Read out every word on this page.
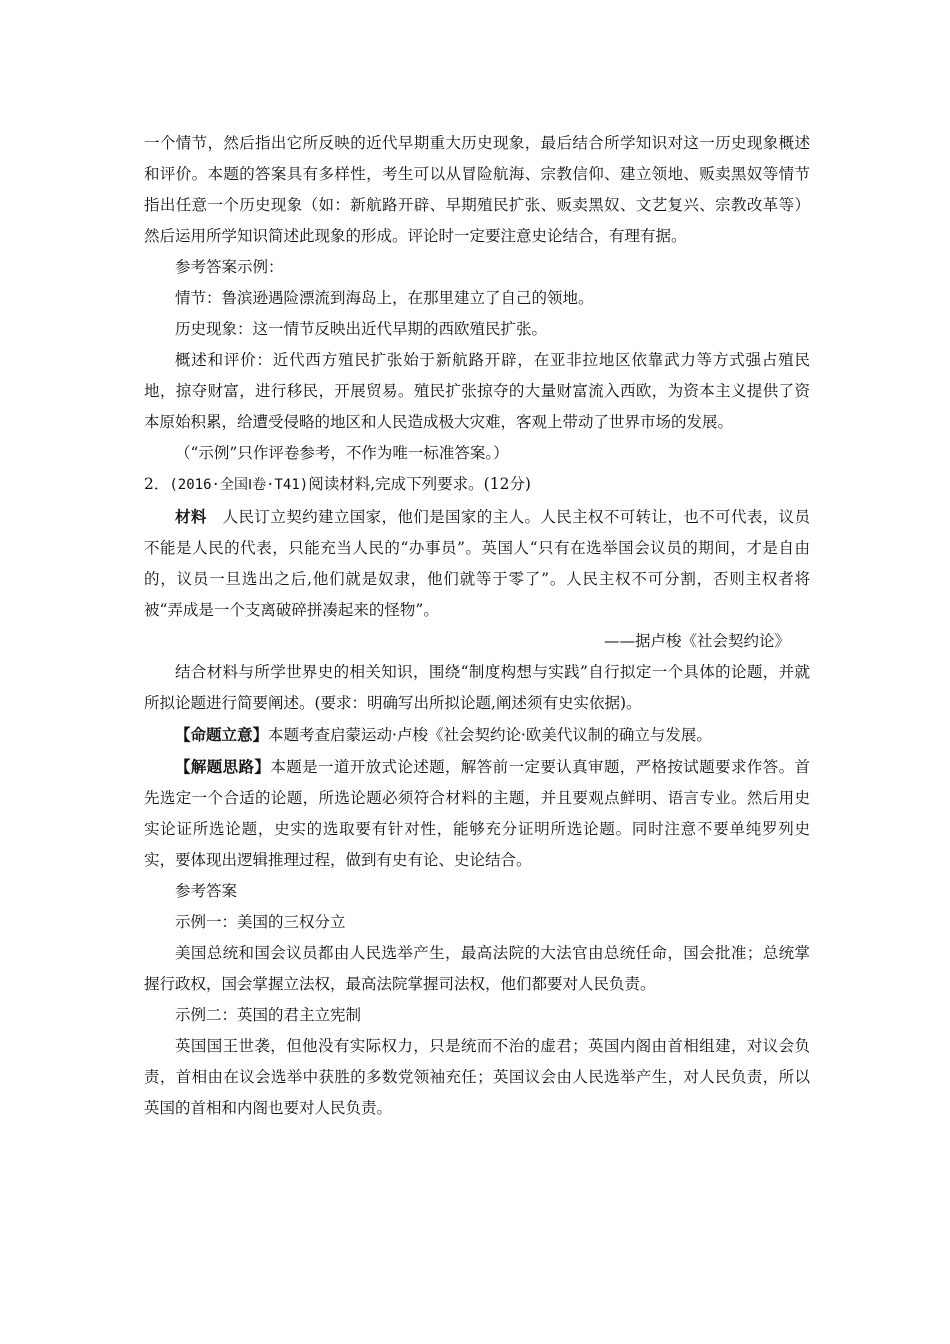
一个情节，然后指出它所反映的近代早期重大历史现象，最后结合所学知识对这一历史现象概述和评价。本题的答案具有多样性，考生可以从冒险航海、宗教信仰、建立领地、贩卖黑奴等情节指出任意一个历史现象（如：新航路开辟、早期殖民扩张、贩卖黑奴、文艺复兴、宗教改革等）然后运用所学知识简述此现象的形成。评论时一定要注意史论结合，有理有据。

参考答案示例：

情节：鲁滨逊遇险漂流到海岛上，在那里建立了自己的领地。

历史现象：这一情节反映出近代早期的西欧殖民扩张。

概述和评价：近代西方殖民扩张始于新航路开辟，在亚非拉地区依靠武力等方式强占殖民地，掠夺财富，进行移民，开展贸易。殖民扩张掠夺的大量财富流入西欧，为资本主义提供了资本原始积累，给遭受侵略的地区和人民造成极大灾难，客观上带动了世界市场的发展。

（“示例”只作评卷参考，不作为唯一标准答案。）

2．(2016·全国Ⅰ卷·T41)阅读材料,完成下列要求。(12分)

材料  人民订立契约建立国家，他们是国家的主人。人民主权不可转让，也不可代表，议员不能是人民的代表，只能充当人民的“办事员”。英国人“只有在选举国会议员的期间，才是自由的，议员一旦选出之后,他们就是奴隶，他们就等于零了”。人民主权不可分割，否则主权者将被“弄成是一个支离破碎拼凑起来的怪物”。

——据卢梭《社会契约论》

结合材料与所学世界史的相关知识，围绕“制度构想与实践”自行拟定一个具体的论题，并就所拟论题进行简要阐述。(要求：明确写出所拟论题,阐述须有史实依据)。

【命题立意】本题考查启蒙运动·卢梭《社会契约论·欧美代议制的确立与发展。

【解题思路】本题是一道开放式论述题，解答前一定要认真审题，严格按试题要求作答。首先选定一个合适的论题，所选论题必须符合材料的主题，并且要观点鲜明、语言专业。然后用史实论证所选论题，史实的选取要有针对性，能够充分证明所选论题。同时注意不要单纯罗列史实，要体现出逻辑推理过程，做到有史有论、史论结合。

参考答案

示例一：美国的三权分立

美国总统和国会议员都由人民选举产生，最高法院的大法官由总统任命，国会批准；总统掌握行政权，国会掌握立法权，最高法院掌握司法权，他们都要对人民负责。

示例二：英国的君主立宪制

英国国王世袭，但他没有实际权力，只是统而不治的虚君；英国内阁由首相组建，对议会负责，首相由在议会选举中获胜的多数党领袖充任；英国议会由人民选举产生，对人民负责，所以英国的首相和内阁也要对人民负责。
